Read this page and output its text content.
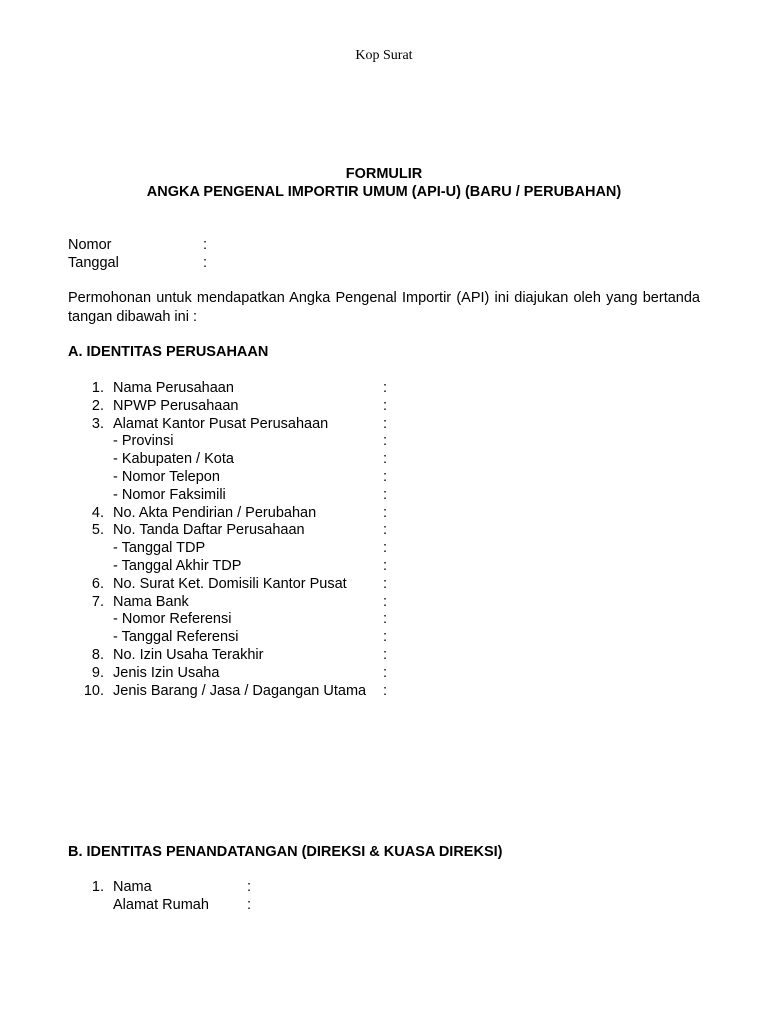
Kop Surat
FORMULIR
ANGKA PENGENAL IMPORTIR UMUM (API-U) (BARU / PERUBAHAN)
Nomor	:
Tanggal	:
Permohonan untuk mendapatkan Angka Pengenal Importir (API) ini diajukan oleh yang bertanda tangan dibawah ini :
A. IDENTITAS PERUSAHAAN
1. Nama Perusahaan	:
2. NPWP Perusahaan	:
3. Alamat Kantor Pusat Perusahaan	:
- Provinsi	:
- Kabupaten / Kota	:
- Nomor Telepon	:
- Nomor Faksimili	:
4. No. Akta Pendirian / Perubahan	:
5. No. Tanda Daftar Perusahaan	:
- Tanggal TDP	:
- Tanggal Akhir TDP	:
6. No. Surat Ket. Domisili Kantor Pusat	:
7. Nama Bank	:
- Nomor Referensi	:
- Tanggal Referensi	:
8. No. Izin Usaha Terakhir	:
9. Jenis Izin Usaha	:
10. Jenis Barang / Jasa / Dagangan Utama :
B. IDENTITAS PENANDATANGAN (DIREKSI & KUASA DIREKSI)
1. Nama	:
Alamat Rumah	:
